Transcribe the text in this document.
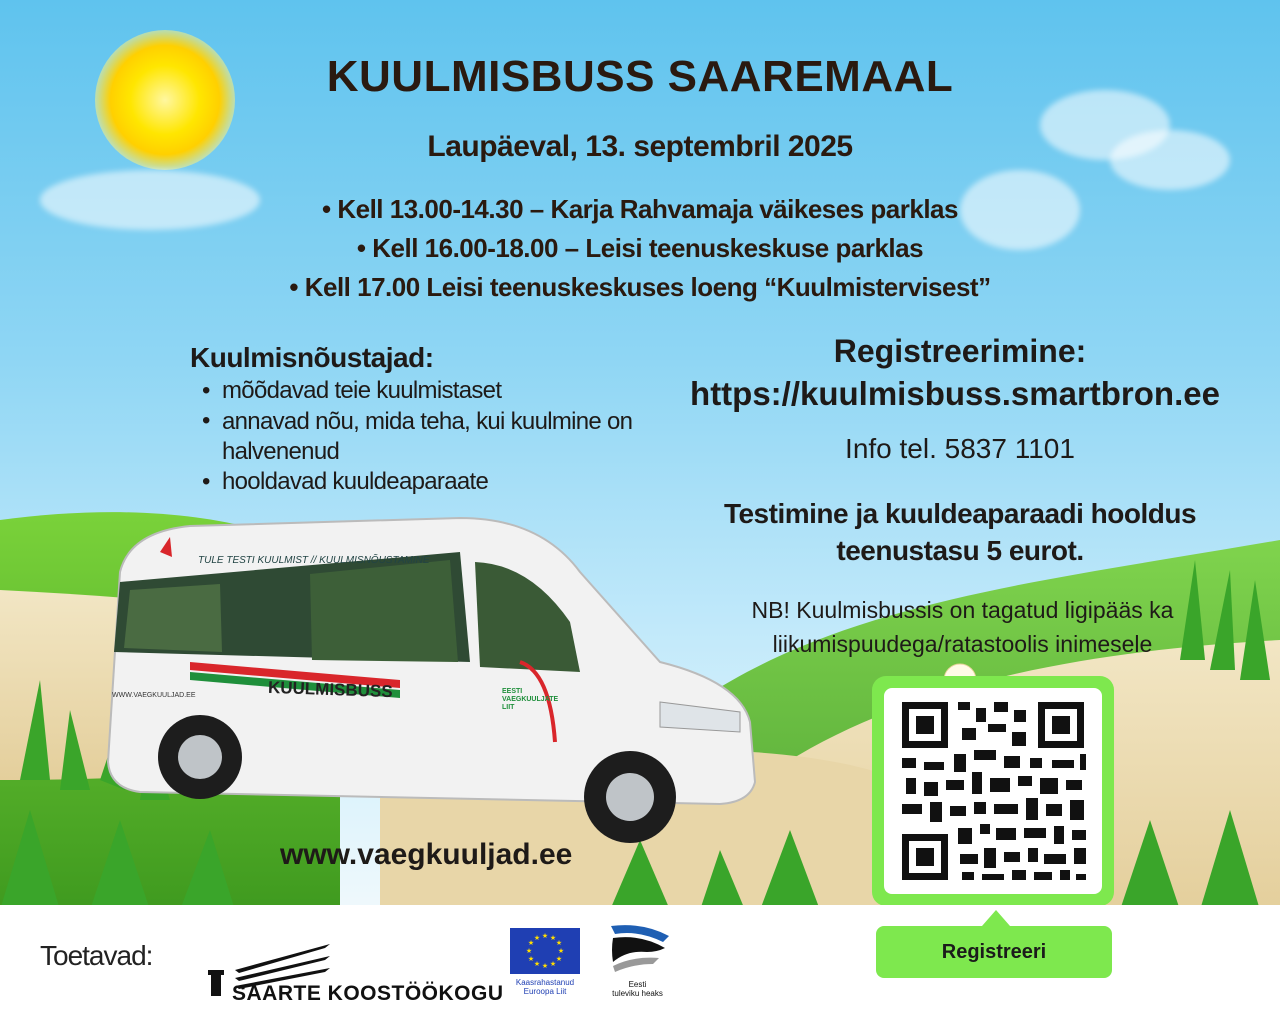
KUULMISBUSS SAAREMAAL
Laupäeval, 13. septembril 2025
• Kell 13.00-14.30 – Karja Rahvamaja väikeses parklas
• Kell 16.00-18.00 – Leisi teenuskeskuse parklas
• Kell 17.00 Leisi teenuskeskuses loeng “Kuulmistervisest”
Kuulmisnõustajad:
• mõõdavad teie kuulmistaset
• annavad nõu, mida teha, kui kuulmine on halvenenud
• hooldavad kuuldeaparaate
Registreerimine:
https://kuulmisbuss.smartbron.ee
Info tel. 5837 1101
Testimine ja kuuldeaparaadi hooldus
teenustasu 5 eurot.
NB! Kuulmisbussis on tagatud ligipääs ka
liikumispuudega/ratastoolis inimesele
TULE TESTI KUULMIST // KUULMISNÕUSTAMINE
KUULMISBUSS
WWW.VAEGKUULJAD.EE
EESTI
VAEGKUULJATE
LIIT
www.vaegkuuljad.ee
Registreeri
Toetavad:
SAARTE KOOSTÖÖKOGU
★ ★
★
★
★
★
★
★
★
★
★
★
Kaasrahastanud
Euroopa Liit
Eesti
tuleviku heaks
